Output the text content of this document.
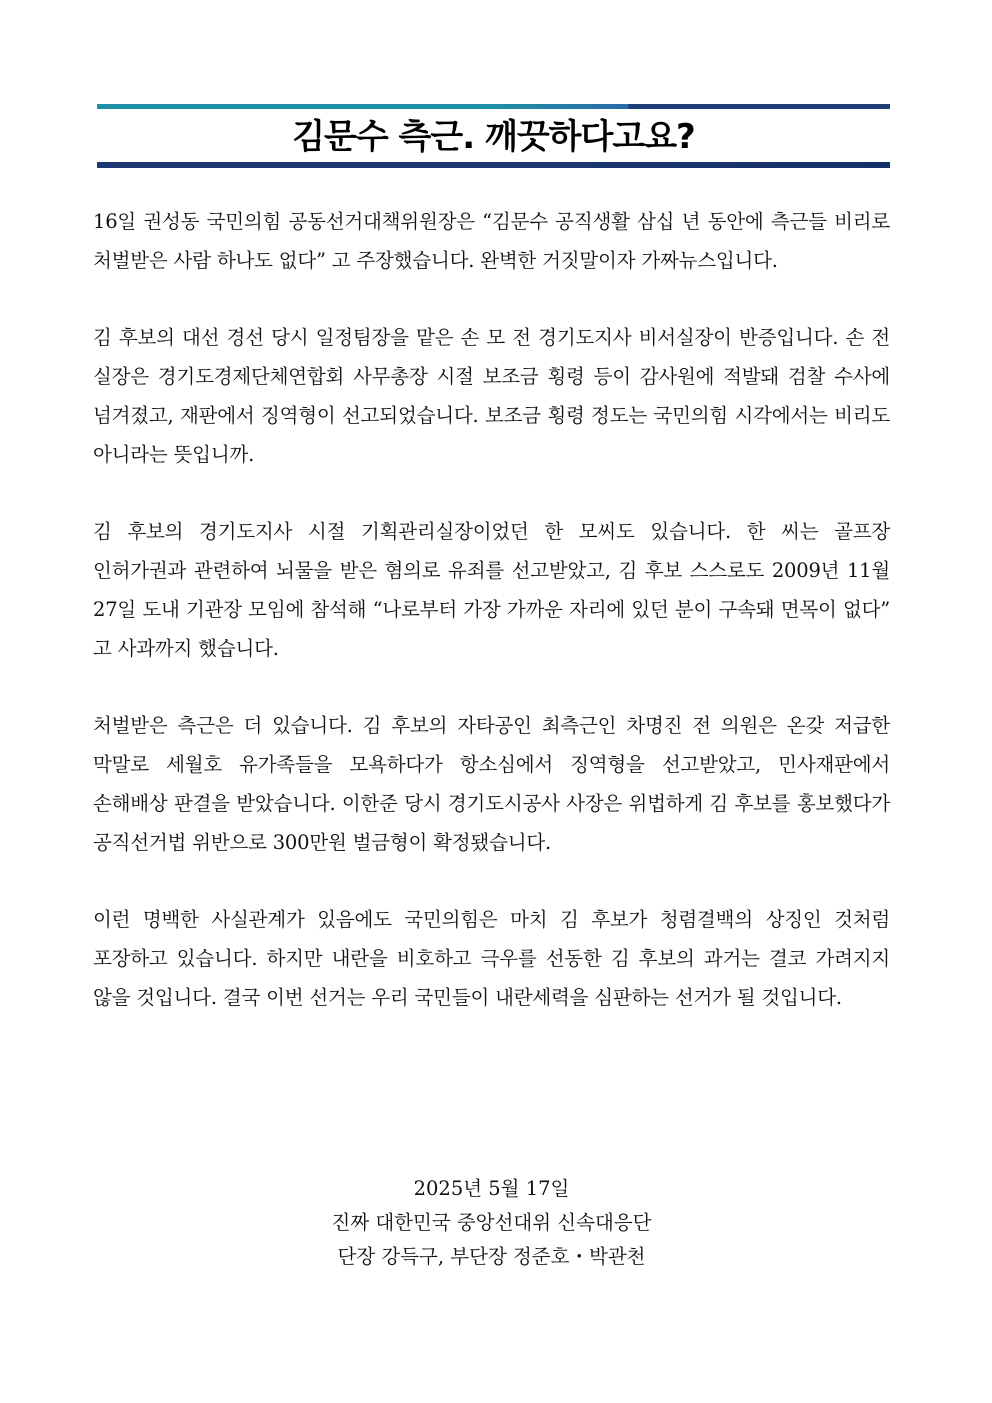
김문수 측근. 깨끗하다고요?

16일 권성동 국민의힘 공동선거대책위원장은 “김문수 공직생활 삼십 년 동안에 측근들 비리로 처벌받은 사람 하나도 없다” 고 주장했습니다. 완벽한 거짓말이자 가짜뉴스입니다.

김 후보의 대선 경선 당시 일정팀장을 맡은 손 모 전 경기도지사 비서실장이 반증입니다. 손 전 실장은 경기도경제단체연합회 사무총장 시절 보조금 횡령 등이 감사원에 적발돼 검찰 수사에 넘겨졌고, 재판에서 징역형이 선고되었습니다. 보조금 횡령 정도는 국민의힘 시각에서는 비리도 아니라는 뜻입니까.

김 후보의 경기도지사 시절 기획관리실장이었던 한 모씨도 있습니다. 한 씨는 골프장 인허가권과 관련하여 뇌물을 받은 혐의로 유죄를 선고받았고, 김 후보 스스로도 2009년 11월 27일 도내 기관장 모임에 참석해 “나로부터 가장 가까운 자리에 있던 분이 구속돼 면목이 없다” 고 사과까지 했습니다.

처벌받은 측근은 더 있습니다. 김 후보의 자타공인 최측근인 차명진 전 의원은 온갖 저급한 막말로 세월호 유가족들을 모욕하다가 항소심에서 징역형을 선고받았고, 민사재판에서 손해배상 판결을 받았습니다. 이한준 당시 경기도시공사 사장은 위법하게 김 후보를 홍보했다가 공직선거법 위반으로 300만원 벌금형이 확정됐습니다.

이런 명백한 사실관계가 있음에도 국민의힘은 마치 김 후보가 청렴결백의 상징인 것처럼 포장하고 있습니다. 하지만 내란을 비호하고 극우를 선동한 김 후보의 과거는 결코 가려지지 않을 것입니다. 결국 이번 선거는 우리 국민들이 내란세력을 심판하는 선거가 될 것입니다.

2025년 5월 17일
진짜 대한민국 중앙선대위 신속대응단
단장 강득구, 부단장 정준호・박관천
